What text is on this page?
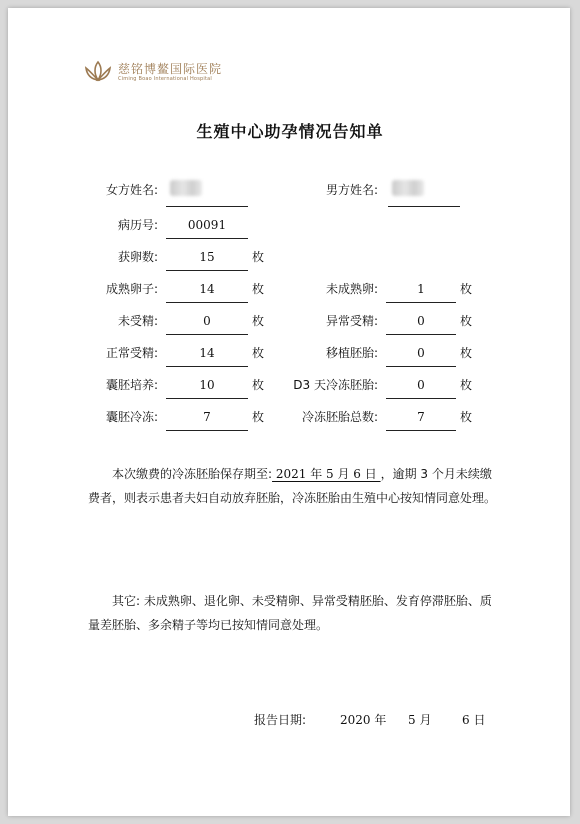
慈铭博鳌国际医院
Ciming Boao International Hospital
生殖中心助孕情况告知单
女方姓名:	男方姓名:
病历号:	00091
获卵数:	15	枚
成熟卵子:	14	枚	未成熟卵:	1	枚
未受精:	0	枚	异常受精:	0	枚
正常受精:	14	枚	移植胚胎:	0	枚
囊胚培养:	10	枚	D3 天冷冻胚胎:	0	枚
囊胚冷冻:	7	枚	冷冻胚胎总数:	7	枚
本次缴费的冷冻胚胎保存期至: 2021 年 5 月 6 日 ，逾期 3 个月未续缴费者，则表示患者夫妇自动放弃胚胎，冷冻胚胎由生殖中心按知情同意处理。
其它: 未成熟卵、退化卵、未受精卵、异常受精胚胎、发育停滞胚胎、质量差胚胎、多余精子等均已按知情同意处理。
报告日期:	2020 年 5 月	6 日
